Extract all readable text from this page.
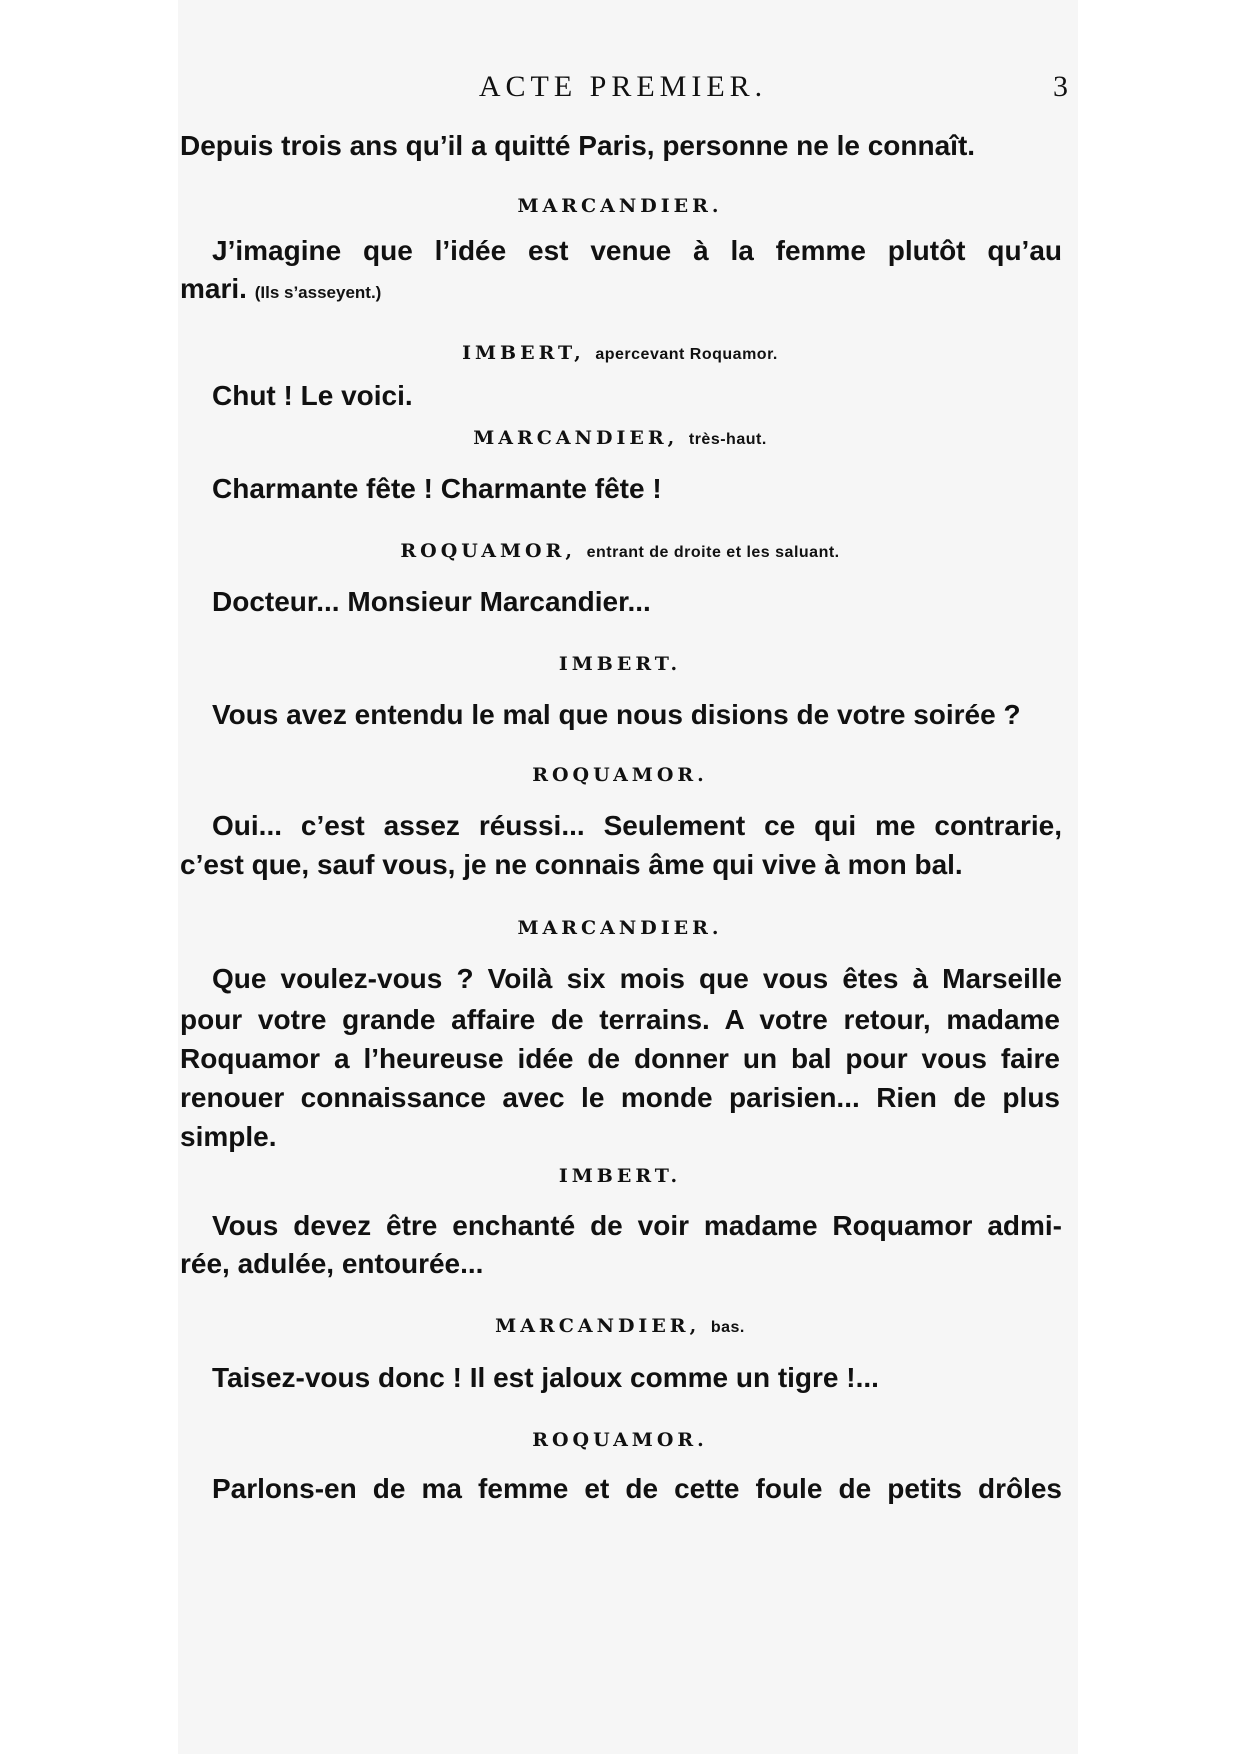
ACTE PREMIER.	3
Depuis trois ans qu’il a quitté Paris, personne ne le connaît.
MARCANDIER.
J’imagine que l’idée est venue à la femme plutôt qu’au
mari. (Ils s’asseyent.)
IMBERT, apercevant Roquamor.
Chut ! Le voici.
MARCANDIER, très-haut.
Charmante fête ! Charmante fête !
ROQUAMOR, entrant de droite et les saluant.
Docteur... Monsieur Marcandier...
IMBERT.
Vous avez entendu le mal que nous disions de votre soirée ?
ROQUAMOR.
Oui... c’est assez réussi... Seulement ce qui me contrarie,
c’est que, sauf vous, je ne connais âme qui vive à mon bal.
MARCANDIER.
Que voulez-vous ? Voilà six mois que vous êtes à Marseille
pour votre grande affaire de terrains. A votre retour, madame
Roquamor a l’heureuse idée de donner un bal pour vous faire
renouer connaissance avec le monde parisien... Rien de plus
simple.
IMBERT.
Vous devez être enchanté de voir madame Roquamor admi-
rée, adulée, entourée...
MARCANDIER, bas.
Taisez-vous donc ! Il est jaloux comme un tigre !...
ROQUAMOR.
Parlons-en de ma femme et de cette foule de petits drôles
